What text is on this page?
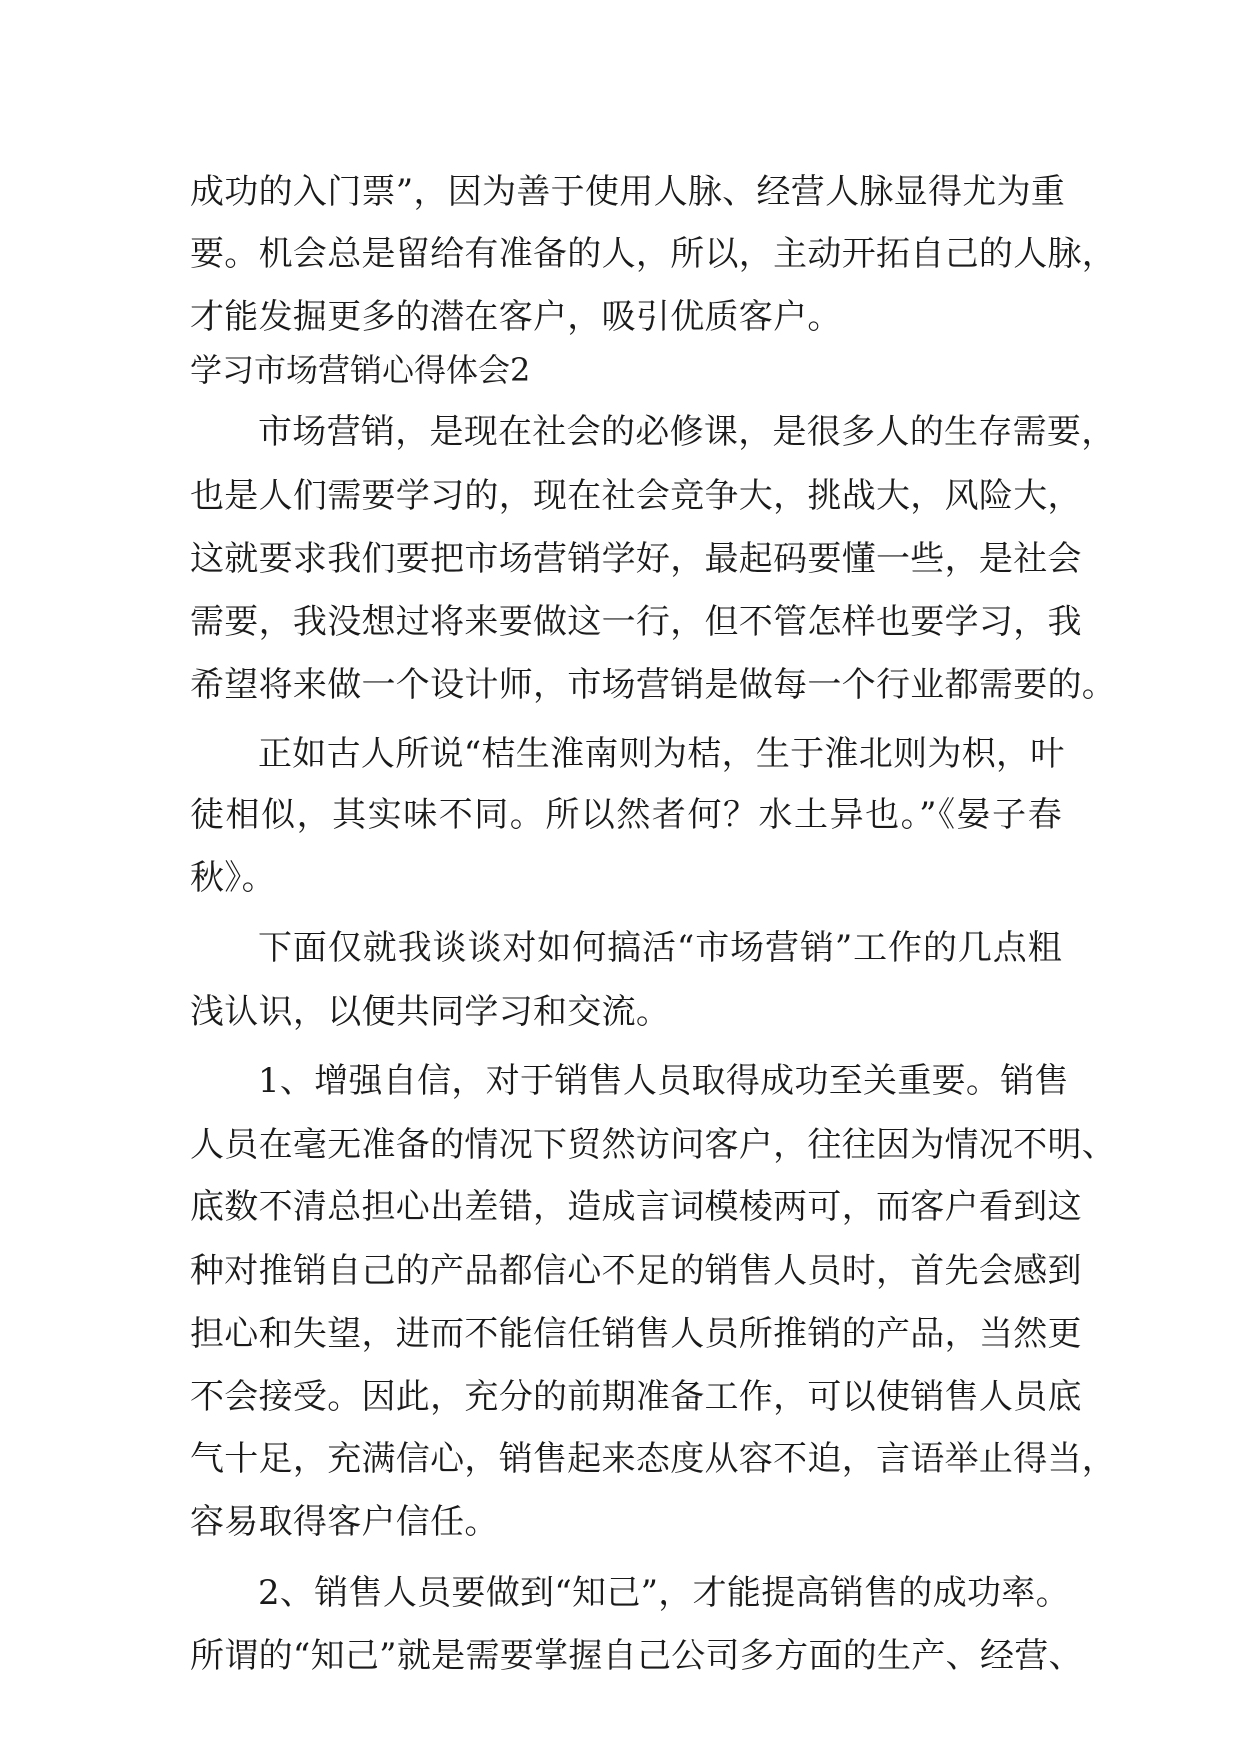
成功的入门票”，因为善于使用人脉、经营人脉显得尤为重
要。机会总是留给有准备的人，所以，主动开拓自己的人脉，
才能发掘更多的潜在客户，吸引优质客户。
学习市场营销心得体会2
市场营销，是现在社会的必修课，是很多人的生存需要，
也是人们需要学习的，现在社会竞争大，挑战大，风险大，
这就要求我们要把市场营销学好，最起码要懂一些，是社会
需要，我没想过将来要做这一行，但不管怎样也要学习，我
希望将来做一个设计师，市场营销是做每一个行业都需要的。
正如古人所说“桔生淮南则为桔，生于淮北则为枳，叶
徒相似，其实味不同。所以然者何？水土异也。”《晏子春
秋》。
下面仅就我谈谈对如何搞活“市场营销”工作的几点粗
浅认识，以便共同学习和交流。
1、增强自信，对于销售人员取得成功至关重要。销售
人员在毫无准备的情况下贸然访问客户，往往因为情况不明、
底数不清总担心出差错，造成言词模棱两可，而客户看到这
种对推销自己的产品都信心不足的销售人员时，首先会感到
担心和失望，进而不能信任销售人员所推销的产品，当然更
不会接受。因此，充分的前期准备工作，可以使销售人员底
气十足，充满信心，销售起来态度从容不迫，言语举止得当，
容易取得客户信任。
2、销售人员要做到“知己”，才能提高销售的成功率。
所谓的“知己”就是需要掌握自己公司多方面的生产、经营、
